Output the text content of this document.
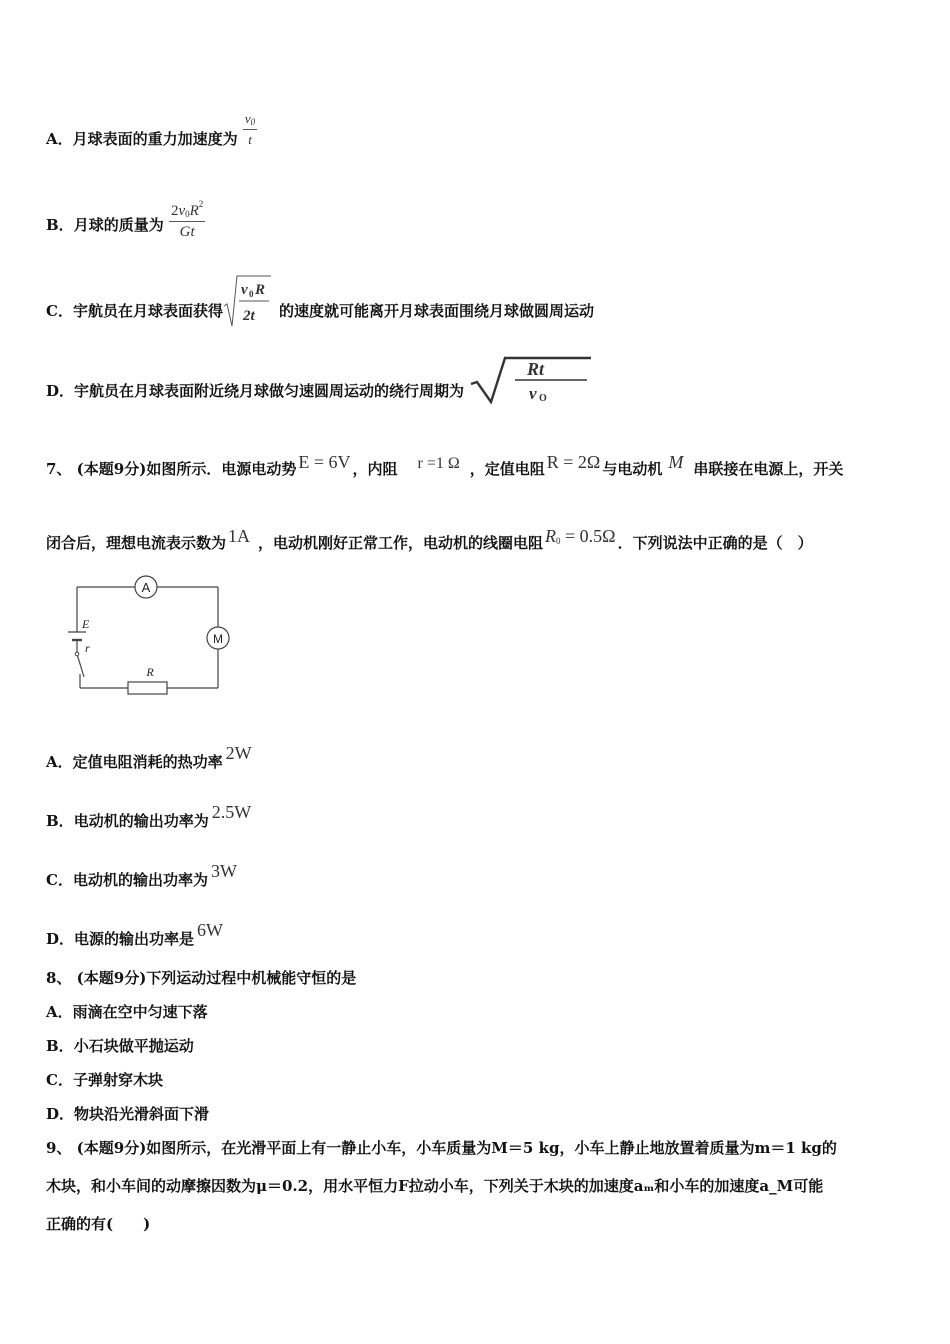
A．月球表面的重力加速度为 $\frac{v_0}{t}$
B．月球的质量为 $\frac{2v_0R^2}{Gt}$
C．宇航员在月球表面获得
v 0 R
2t 的速度就可能离开月球表面围绕月球做圆周运动
D．宇航员在月球表面附近绕月球做匀速圆周运动的绕行周期为
Rt
v O
7、 (本题9分)如图所示．电源电动势 E = 6V ，内阻 r =1 Ω ，定值电阻 R = 2Ω 与电动机 M 串联接在电源上，开关
闭合后，理想电流表示数为 1A ，电动机刚好正常工作，电动机的线圈电阻 $R_0 = 0.5\Omega$ ．下列说法中正确的是（　）
A
M
R
E
r
A．定值电阻消耗的热功率 2W
B．电动机的输出功率为 2.5W
C．电动机的输出功率为 3W
D．电源的输出功率是 6W
8、 (本题9分)下列运动过程中机械能守恒的是
A．雨滴在空中匀速下落
B．小石块做平抛运动
C．子弹射穿木块
D．物块沿光滑斜面下滑
9、 (本题9分)如图所示，在光滑平面上有一静止小车，小车质量为M＝5 kg，小车上静止地放置着质量为m＝1 kg的
木块，和小车间的动摩擦因数为μ＝0.2，用水平恒力F拉动小车，下列关于木块的加速度aₘ和小车的加速度a_M可能
正确的有(　　)
